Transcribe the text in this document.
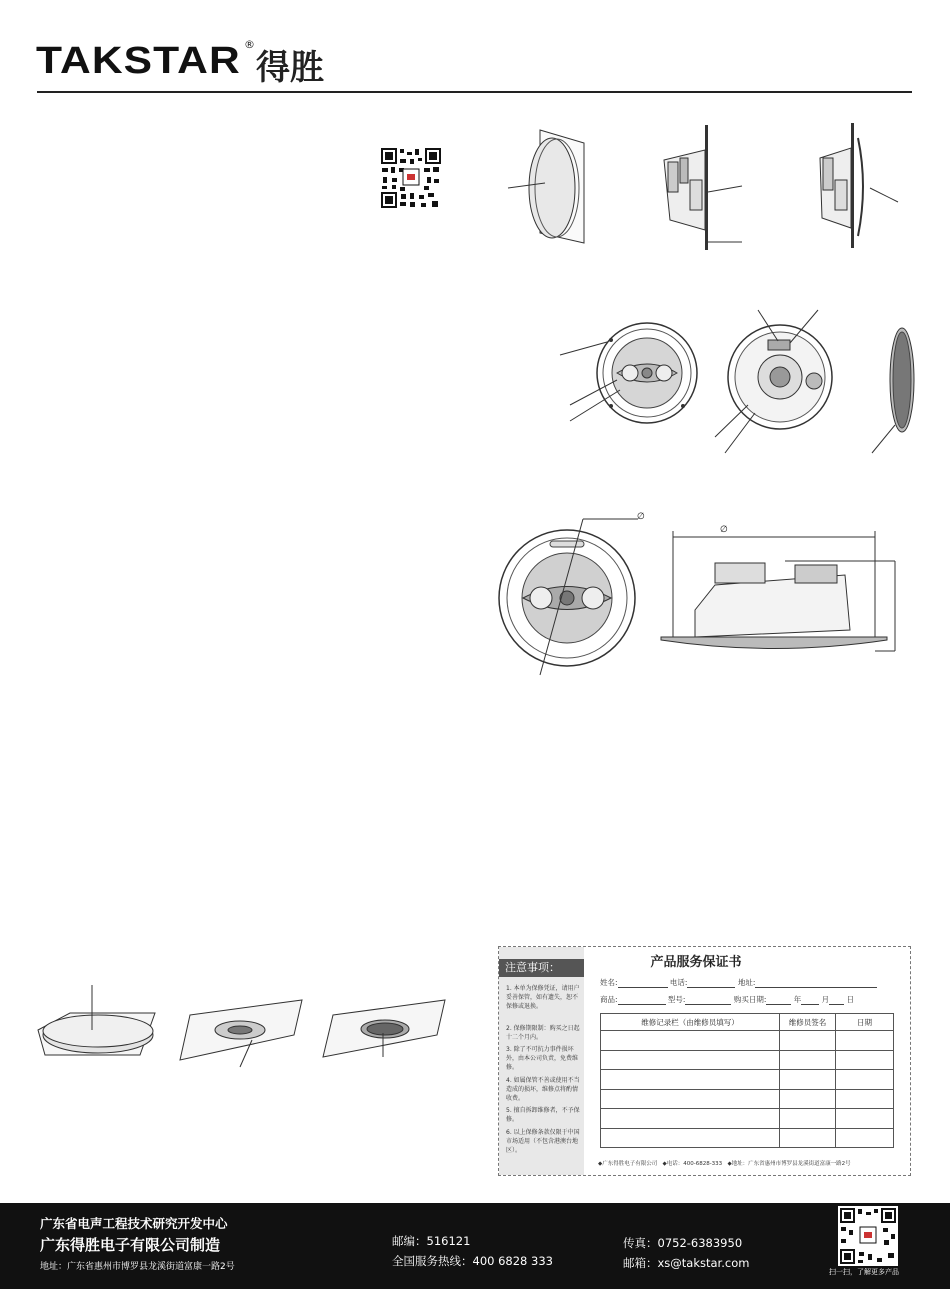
TAKSTAR ®
得胜
∅
∅
注意事项：
1. 本单为保修凭证，请用户妥善保管，如有遗失，恕不保修或退换。
2. 保修期限制：购买之日起十二个月内。
3. 除了不可抗力事件损坏外，由本公司负责，免费维修。
4. 如属保管不善或使用不当造成的损坏，维修点将酌情收费。
5. 擅自拆卸维修者，不予保修。
6. 以上保修条款仅限于中国市场适用（不包含港澳台地区）。
产品服务保证书
姓名:	电话:	地址:
商品:	型号:	购买日期:	年	月 日
维修记录栏（由维修员填写）	维修员签名	日期

◆广东得胜电子有限公司 ◆电话：400-6828-333 ◆地址：广东省惠州市博罗县龙溪街道富康一路2号
广东省电声工程技术研究开发中心
广东得胜电子有限公司制造
地址：广东省惠州市博罗县龙溪街道富康一路2号
邮编：516121
全国服务热线：400 6828 333
传真：0752-6383950
邮箱：xs@takstar.com
扫一扫，了解更多产品
